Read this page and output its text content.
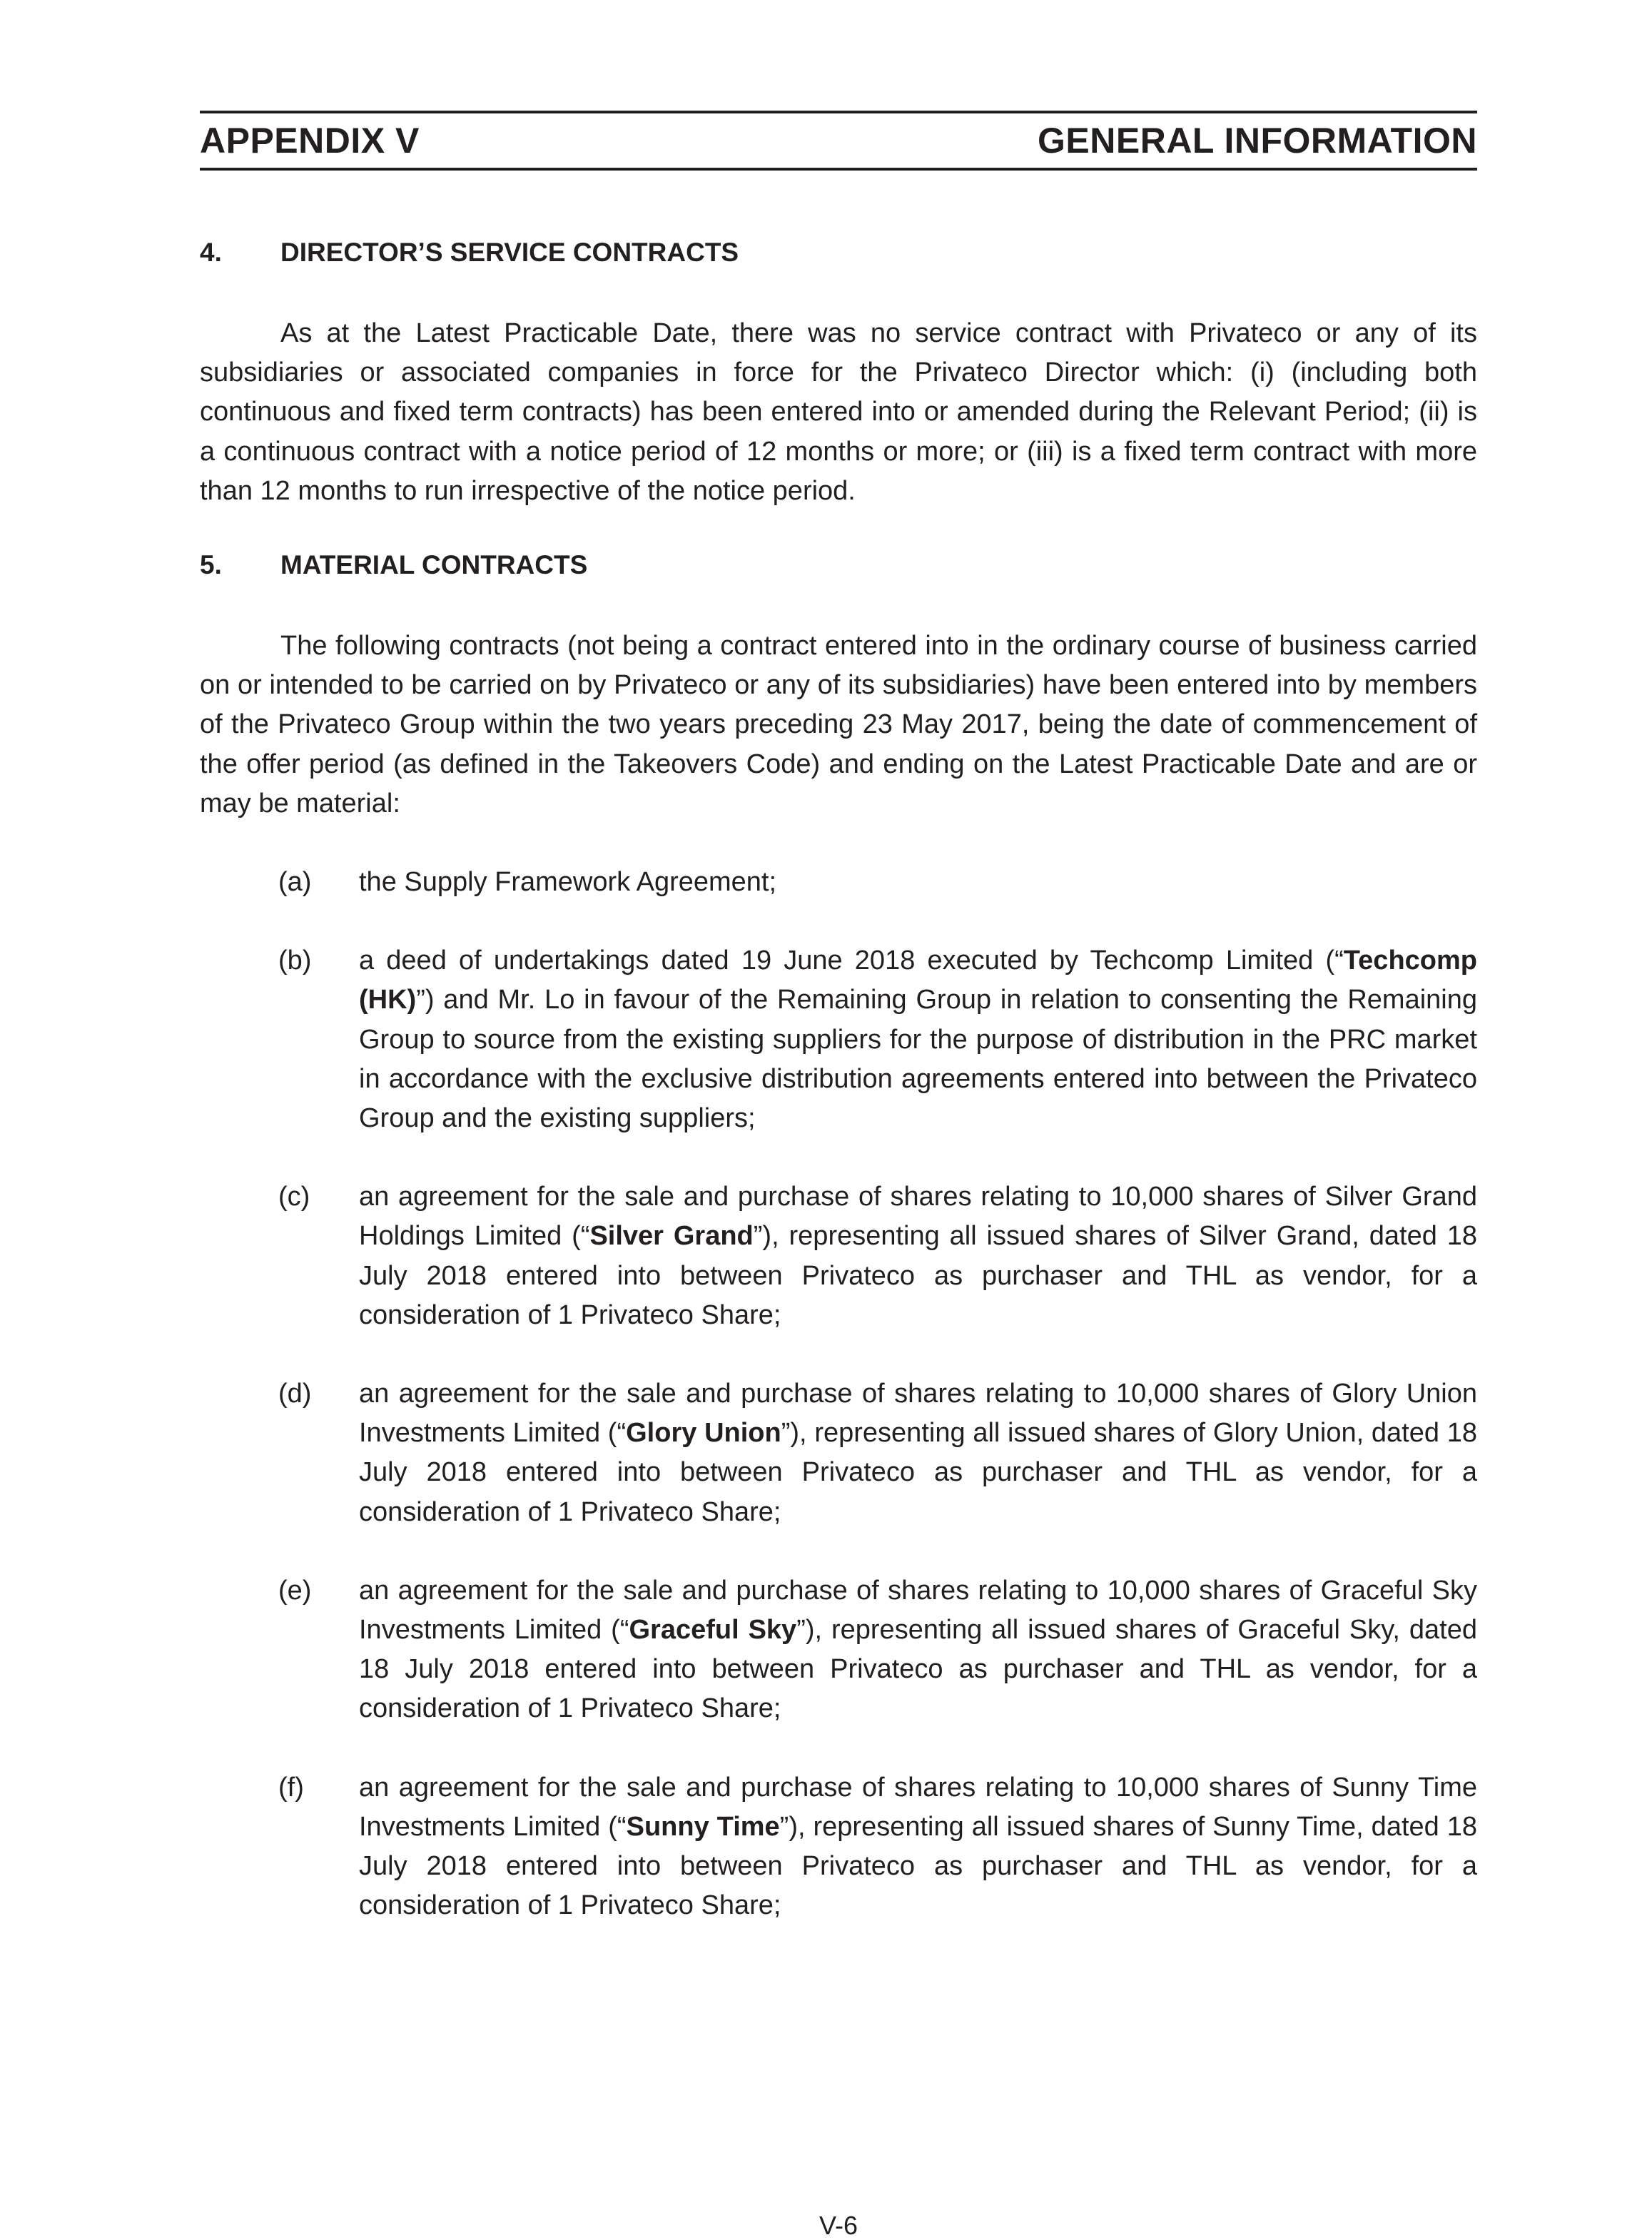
APPENDIX V	GENERAL INFORMATION
4.	DIRECTOR’S SERVICE CONTRACTS

As at the Latest Practicable Date, there was no service contract with Privateco or any of its subsidiaries or associated companies in force for the Privateco Director which: (i) (including both continuous and fixed term contracts) has been entered into or amended during the Relevant Period; (ii) is a continuous contract with a notice period of 12 months or more; or (iii) is a fixed term contract with more than 12 months to run irrespective of the notice period.

5.	MATERIAL CONTRACTS

The following contracts (not being a contract entered into in the ordinary course of business carried on or intended to be carried on by Privateco or any of its subsidiaries) have been entered into by members of the Privateco Group within the two years preceding 23 May 2017, being the date of commencement of the offer period (as defined in the Takeovers Code) and ending on the Latest Practicable Date and are or may be material:

(a)	the Supply Framework Agreement;
(b)	a deed of undertakings dated 19 June 2018 executed by Techcomp Limited (“Techcomp (HK)”) and Mr. Lo in favour of the Remaining Group in relation to consenting the Remaining Group to source from the existing suppliers for the purpose of distribution in the PRC market in accordance with the exclusive distribution agreements entered into between the Privateco Group and the existing suppliers;
(c)	an agreement for the sale and purchase of shares relating to 10,000 shares of Silver Grand Holdings Limited (“Silver Grand”), representing all issued shares of Silver Grand, dated 18 July 2018 entered into between Privateco as purchaser and THL as vendor, for a consideration of 1 Privateco Share;
(d)	an agreement for the sale and purchase of shares relating to 10,000 shares of Glory Union Investments Limited (“Glory Union”), representing all issued shares of Glory Union, dated 18 July 2018 entered into between Privateco as purchaser and THL as vendor, for a consideration of 1 Privateco Share;
(e)	an agreement for the sale and purchase of shares relating to 10,000 shares of Graceful Sky Investments Limited (“Graceful Sky”), representing all issued shares of Graceful Sky, dated 18 July 2018 entered into between Privateco as purchaser and THL as vendor, for a consideration of 1 Privateco Share;
(f)	an agreement for the sale and purchase of shares relating to 10,000 shares of Sunny Time Investments Limited (“Sunny Time”), representing all issued shares of Sunny Time, dated 18 July 2018 entered into between Privateco as purchaser and THL as vendor, for a consideration of 1 Privateco Share;
V-6
